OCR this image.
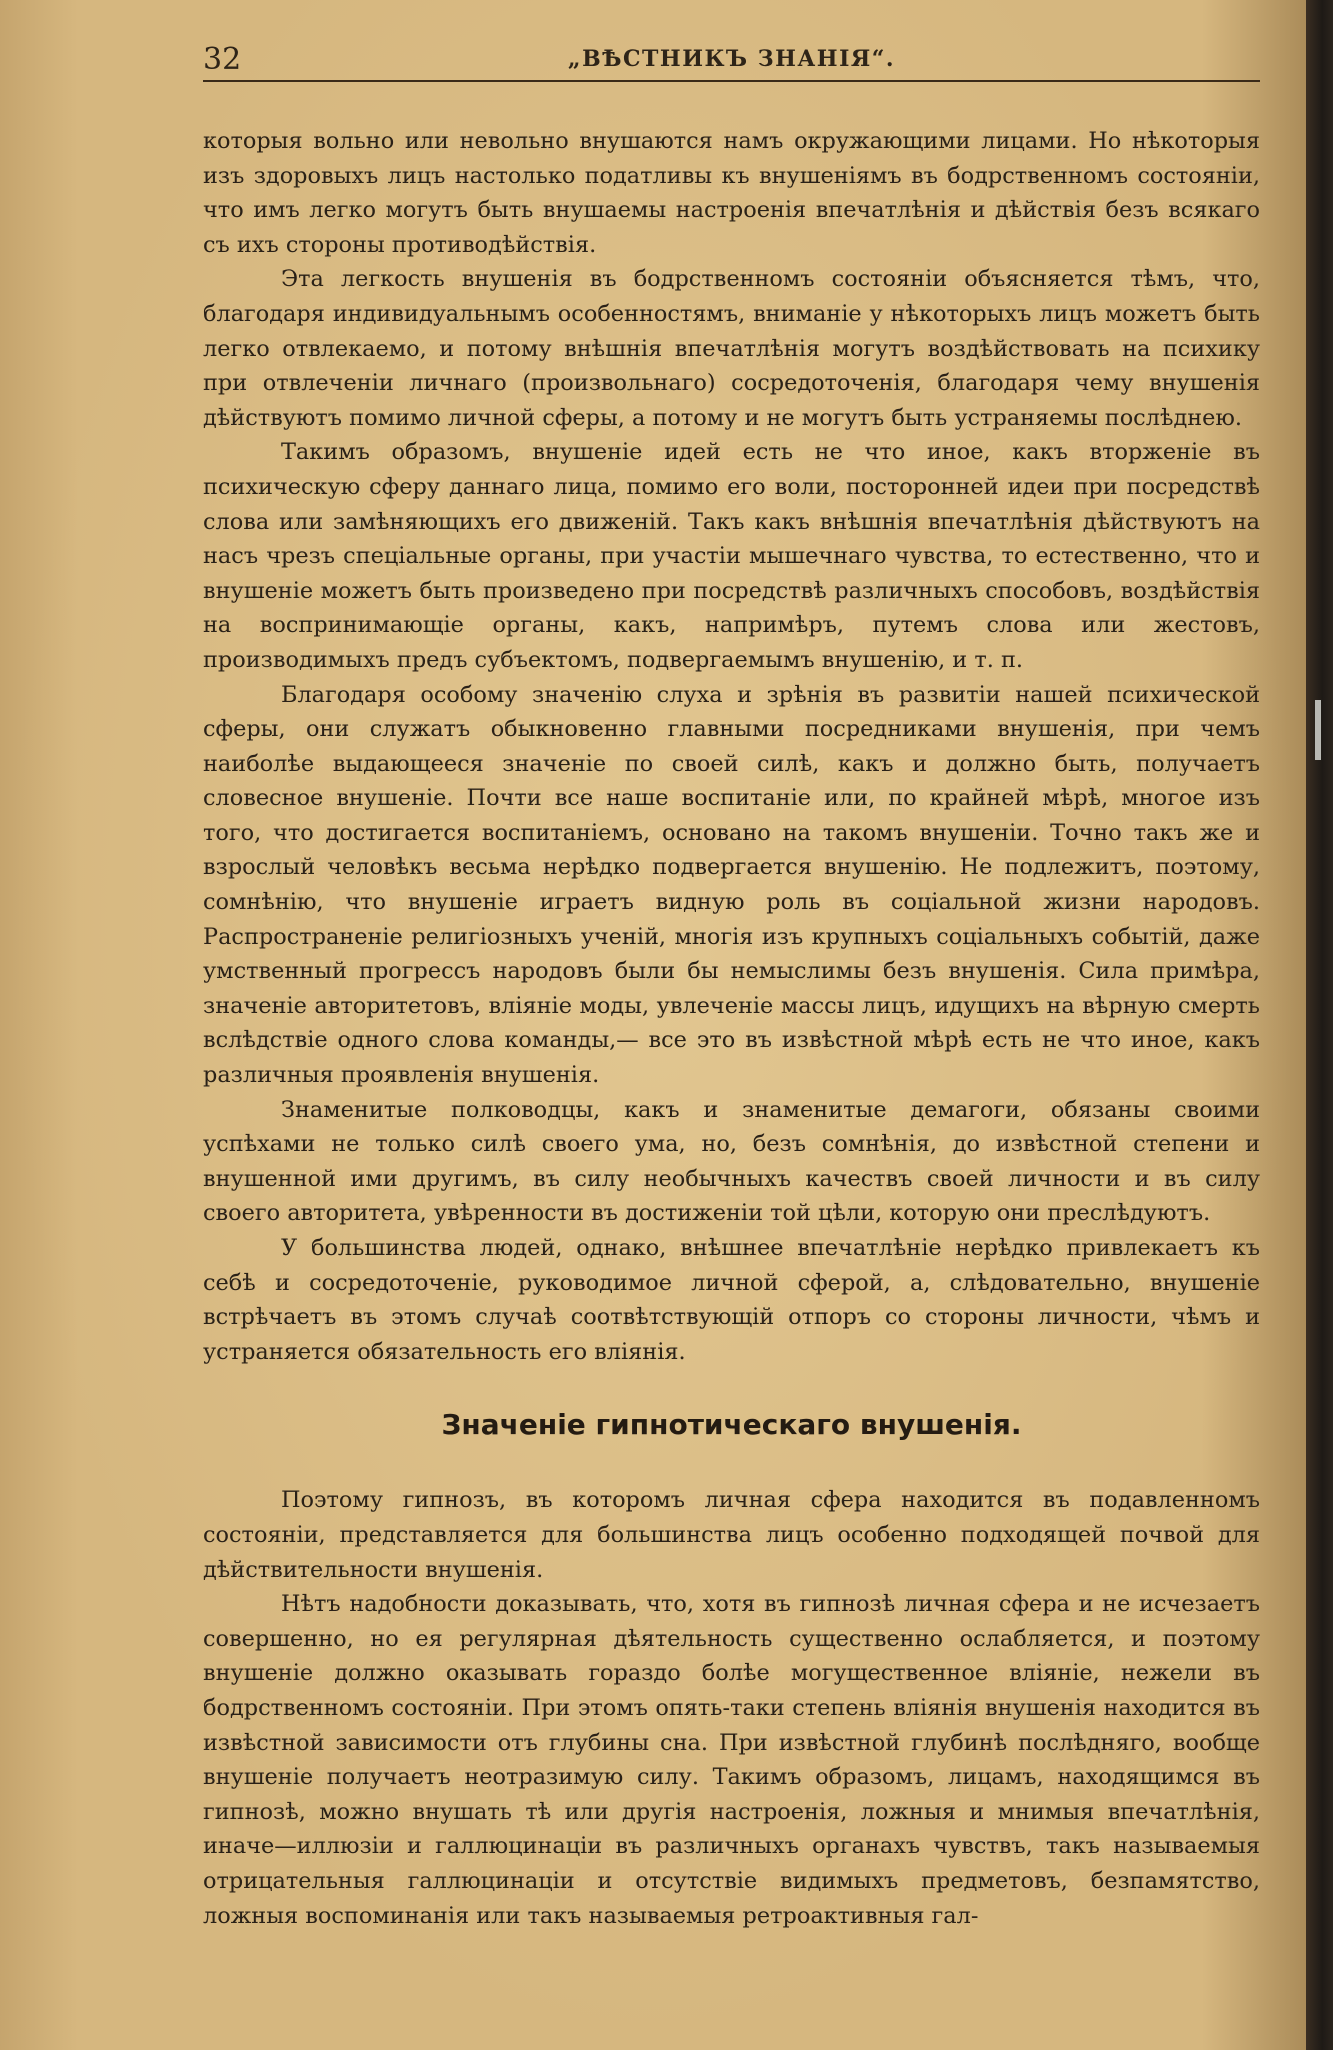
32	„ВѢСТНИКЪ ЗНАНІЯ“.

которыя вольно или невольно внушаются намъ окружающими лицами. Но нѣкоторыя изъ здоровыхъ лицъ настолько податливы къ внушеніямъ въ бодрственномъ состояніи, что имъ легко могутъ быть внушаемы настроенія впечатлѣнія и дѣйствія безъ всякаго съ ихъ стороны противодѣйствія.

Эта легкость внушенія въ бодрственномъ состояніи объясняется тѣмъ, что, благодаря индивидуальнымъ особенностямъ, вниманіе у нѣкоторыхъ лицъ можетъ быть легко отвлекаемо, и потому внѣшнія впечатлѣнія могутъ воздѣйствовать на психику при отвлеченіи личнаго (произвольнаго) сосредоточенія, благодаря чему внушенія дѣйствуютъ помимо личной сферы, а потому и не могутъ быть устраняемы послѣднею.

Такимъ образомъ, внушеніе идей есть не что иное, какъ вторженіе въ психическую сферу даннаго лица, помимо его воли, посторонней идеи при посредствѣ слова или замѣняющихъ его движеній. Такъ какъ внѣшнія впечатлѣнія дѣйствуютъ на насъ чрезъ спеціальные органы, при участіи мышечнаго чувства, то естественно, что и внушеніе можетъ быть произведено при посредствѣ различныхъ способовъ, воздѣйствія на воспринимающіе органы, какъ, напримѣръ, путемъ слова или жестовъ, производимыхъ предъ субъектомъ, подвергаемымъ внушенію, и т. п.

Благодаря особому значенію слуха и зрѣнія въ развитіи нашей психической сферы, они служатъ обыкновенно главными посредниками внушенія, при чемъ наиболѣе выдающееся значеніе по своей силѣ, какъ и должно быть, получаетъ словесное внушеніе. Почти все наше воспитаніе или, по крайней мѣрѣ, многое изъ того, что достигается воспитаніемъ, основано на такомъ внушеніи. Точно такъ же и взрослый человѣкъ весьма нерѣдко подвергается внушенію. Не подлежитъ, поэтому, сомнѣнію, что внушеніе играетъ видную роль въ соціальной жизни народовъ. Распространеніе религіозныхъ ученій, многія изъ крупныхъ соціальныхъ событій, даже умственный прогрессъ народовъ были бы немыслимы безъ внушенія. Сила примѣра, значеніе авторитетовъ, вліяніе моды, увлеченіе массы лицъ, идущихъ на вѣрную смерть вслѣдствіе одного слова команды,— все это въ извѣстной мѣрѣ есть не что иное, какъ различныя проявленія внушенія.

Знаменитые полководцы, какъ и знаменитые демагоги, обязаны своими успѣхами не только силѣ своего ума, но, безъ сомнѣнія, до извѣстной степени и внушенной ими другимъ, въ силу необычныхъ качествъ своей личности и въ силу своего авторитета, увѣренности въ достиженіи той цѣли, которую они преслѣдуютъ.

У большинства людей, однако, внѣшнее впечатлѣніе нерѣдко привлекаетъ къ себѣ и сосредоточеніе, руководимое личной сферой, а, слѣдовательно, внушеніе встрѣчаетъ въ этомъ случаѣ соотвѣтствующій отпоръ со стороны личности, чѣмъ и устраняется обязательность его вліянія.

Значеніе гипнотическаго внушенія.

Поэтому гипнозъ, въ которомъ личная сфера находится въ подавленномъ состояніи, представляется для большинства лицъ особенно подходящей почвой для дѣйствительности внушенія.

Нѣтъ надобности доказывать, что, хотя въ гипнозѣ личная сфера и не исчезаетъ совершенно, но ея регулярная дѣятельность существенно ослабляется, и поэтому внушеніе должно оказывать гораздо болѣе могущественное вліяніе, нежели въ бодрственномъ состояніи. При этомъ опять-таки степень вліянія внушенія находится въ извѣстной зависимости отъ глубины сна. При извѣстной глубинѣ послѣдняго, вообще внушеніе получаетъ неотразимую силу. Такимъ образомъ, лицамъ, находящимся въ гипнозѣ, можно внушать тѣ или другія настроенія, ложныя и мнимыя впечатлѣнія, иначе—иллюзіи и галлюцинаціи въ различныхъ органахъ чувствъ, такъ называемыя отрицательныя галлюцинаціи и отсутствіе видимыхъ предметовъ, безпамятство, ложныя воспоминанія или такъ называемыя ретроактивныя гал-
